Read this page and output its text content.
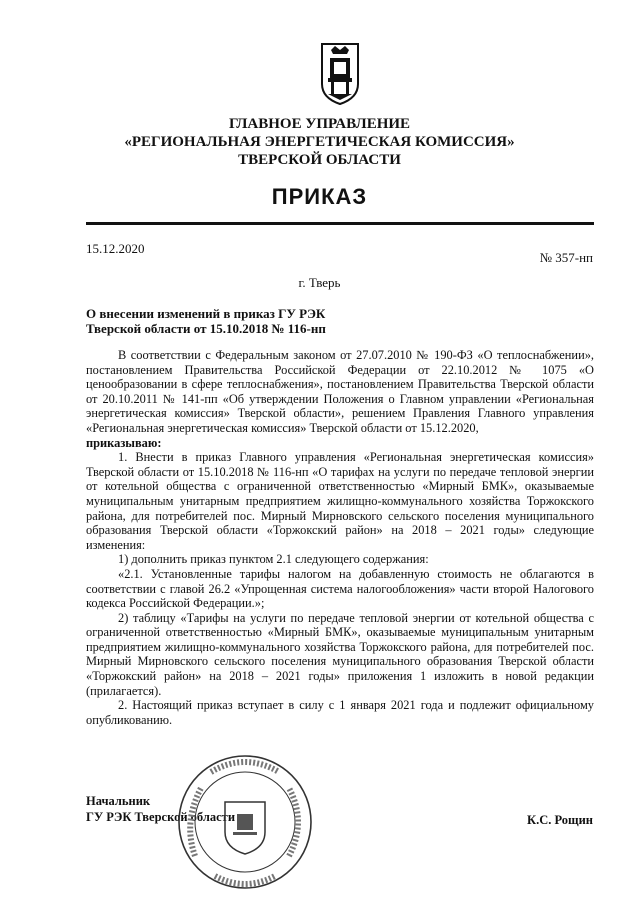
ГЛАВНОЕ УПРАВЛЕНИЕ
«РЕГИОНАЛЬНАЯ ЭНЕРГЕТИЧЕСКАЯ КОМИССИЯ»
ТВЕРСКОЙ ОБЛАСТИ
ПРИКАЗ
15.12.2020
№ 357-нп
г. Тверь
О внесении изменений в приказ ГУ РЭК
Тверской области от 15.10.2018 № 116-нп

В соответствии с Федеральным законом от 27.07.2010 № 190-ФЗ «О теплоснабжении», постановлением Правительства Российской Федерации от 22.10.2012 № 1075 «О ценообразовании в сфере теплоснабжения», постановлением Правительства Тверской области от 20.10.2011 № 141-пп «Об утверждении Положения о Главном управлении «Региональная энергетическая комиссия» Тверской области», решением Правления Главного управления «Региональная энергетическая комиссия» Тверской области от 15.12.2020,

приказываю:

1. Внести в приказ Главного управления «Региональная энергетическая комиссия» Тверской области от 15.10.2018 № 116-нп «О тарифах на услуги по передаче тепловой энергии от котельной общества с ограниченной ответственностью «Мирный БМК», оказываемые муниципальным унитарным предприятием жилищно-коммунального хозяйства Торжокского района, для потребителей пос. Мирный Мирновского сельского поселения муниципального образования Тверской области «Торжокский район» на 2018 – 2021 годы» следующие изменения:

1) дополнить приказ пунктом 2.1 следующего содержания:

«2.1. Установленные тарифы налогом на добавленную стоимость не облагаются в соответствии с главой 26.2 «Упрощенная система налогообложения» части второй Налогового кодекса Российской Федерации.»;

2) таблицу «Тарифы на услуги по передаче тепловой энергии от котельной общества с ограниченной ответственностью «Мирный БМК», оказываемые муниципальным унитарным предприятием жилищно-коммунального хозяйства Торжокского района, для потребителей пос. Мирный Мирновского сельского поселения муниципального образования Тверской области «Торжокский район» на 2018 – 2021 годы» приложения 1 изложить в новой редакции (прилагается).

2. Настоящий приказ вступает в силу с 1 января 2021 года и подлежит официальному опубликованию.

Начальник
ГУ РЭК Тверской области	К.С. Рощин
